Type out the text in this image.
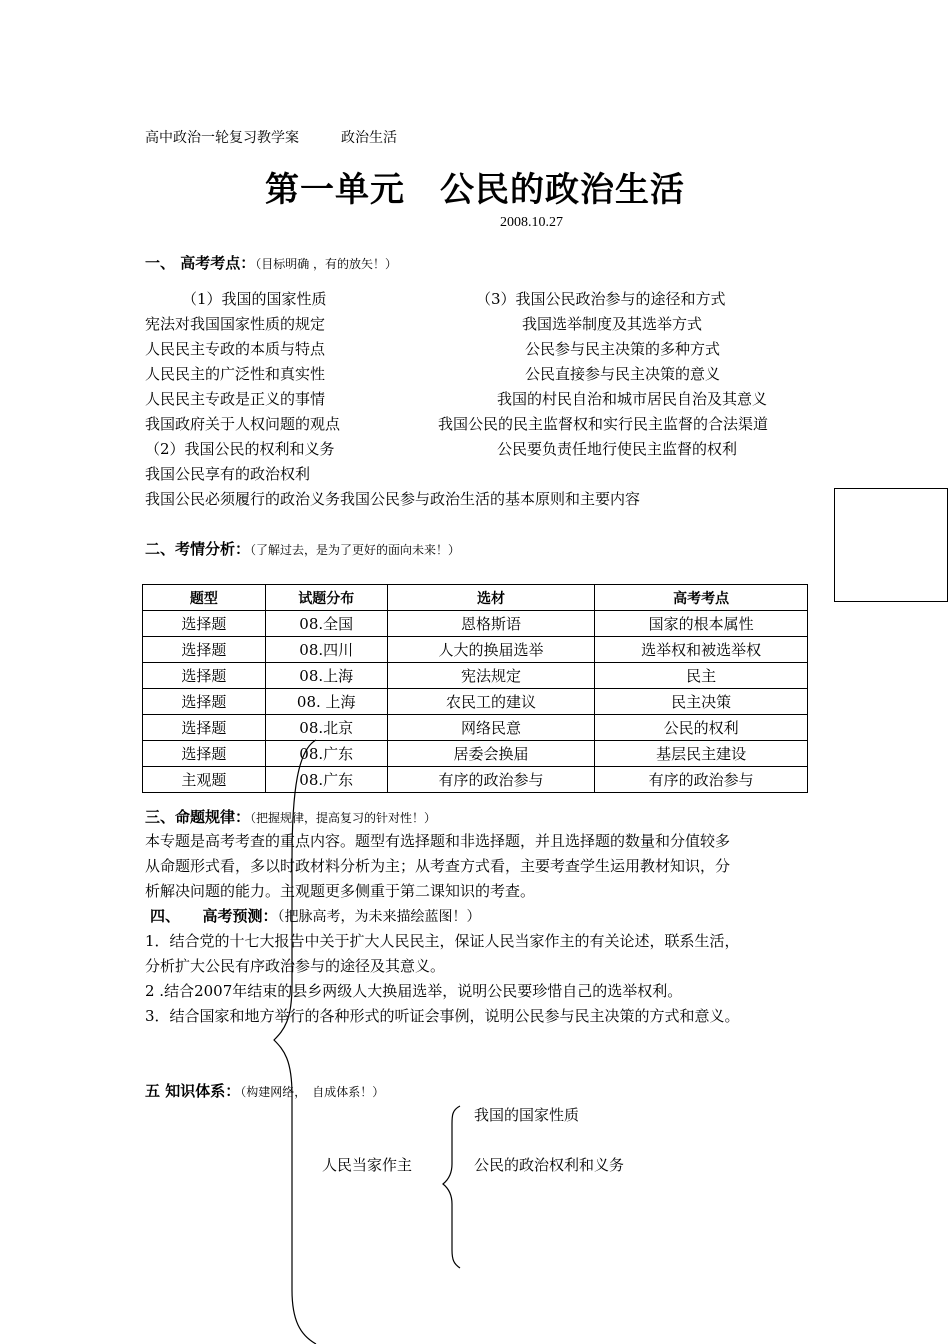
高中政治一轮复习教学案	政治生活
第一单元　公民的政治生活
2008.10.27
一、 高考考点：（目标明确 ，有的放矢！）
（1）我国的国家性质
宪法对我国国家性质的规定
人民民主专政的本质与特点
人民民主的广泛性和真实性
人民民主专政是正义的事情
我国政府关于人权问题的观点
（2）我国公民的权利和义务
我国公民享有的政治权利
我国公民必须履行的政治义务我国公民参与政治生活的基本原则和主要内容
（3）我国公民政治参与的途径和方式
我国选举制度及其选举方式
公民参与民主决策的多种方式
公民直接参与民主决策的意义
我国的村民自治和城市居民自治及其意义
我国公民的民主监督权和实行民主监督的合法渠道
公民要负责任地行使民主监督的权利
二、考情分析：（了解过去，是为了更好的面向未来！）
题型	试题分布	选材	高考考点
选择题	08.全国	恩格斯语	国家的根本属性
选择题	08.四川	人大的换届选举	选举权和被选举权
选择题	08.上海	宪法规定	民主
选择题	08. 上海	农民工的建议	民主决策
选择题	08.北京	网络民意	公民的权利
选择题	08.广东	居委会换届	基层民主建设
主观题	08.广东	有序的政治参与	有序的政治参与
三、命题规律：（把握规律，提高复习的针对性！）
本专题是高考考查的重点内容。题型有选择题和非选择题，并且选择题的数量和分值较多
从命题形式看，多以时政材料分析为主；从考查方式看，主要考查学生运用教材知识，分
析解决问题的能力。主观题更多侧重于第二课知识的考查。
四、　　高考预测：（把脉高考，为未来描绘蓝图！）
1．结合党的十七大报告中关于扩大人民民主，保证人民当家作主的有关论述，联系生活，
分析扩大公民有序政治参与的途径及其意义。
2 .结合2007年结束的县乡两级人大换届选举，说明公民要珍惜自己的选举权利。
3．结合国家和地方举行的各种形式的听证会事例，说明公民参与民主决策的方式和意义。
五 知识体系：（构建网络，　自成体系！）
人民当家作主
我国的国家性质
公民的政治权利和义务
